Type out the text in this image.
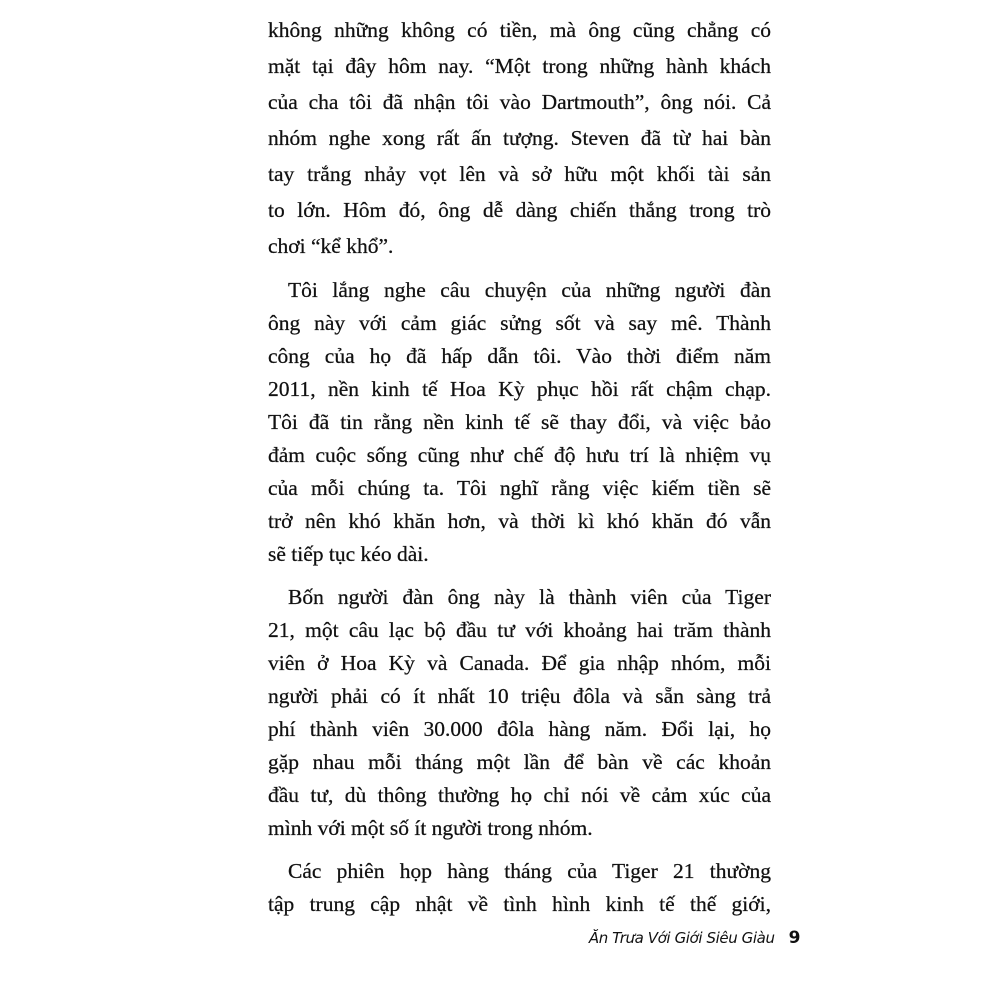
không những không có tiền, mà ông cũng chẳng có
mặt tại đây hôm nay. “Một trong những hành khách
của cha tôi đã nhận tôi vào Dartmouth”, ông nói. Cả
nhóm nghe xong rất ấn tượng. Steven đã từ hai bàn
tay trắng nhảy vọt lên và sở hữu một khối tài sản
to lớn. Hôm đó, ông dễ dàng chiến thắng trong trò
chơi “kể khổ”.
Tôi lắng nghe câu chuyện của những người đàn
ông này với cảm giác sửng sốt và say mê. Thành
công của họ đã hấp dẫn tôi. Vào thời điểm năm
2011, nền kinh tế Hoa Kỳ phục hồi rất chậm chạp.
Tôi đã tin rằng nền kinh tế sẽ thay đổi, và việc bảo
đảm cuộc sống cũng như chế độ hưu trí là nhiệm vụ
của mỗi chúng ta. Tôi nghĩ rằng việc kiếm tiền sẽ
trở nên khó khăn hơn, và thời kì khó khăn đó vẫn
sẽ tiếp tục kéo dài.
Bốn người đàn ông này là thành viên của Tiger
21, một câu lạc bộ đầu tư với khoảng hai trăm thành
viên ở Hoa Kỳ và Canada. Để gia nhập nhóm, mỗi
người phải có ít nhất 10 triệu đôla và sẵn sàng trả
phí thành viên 30.000 đôla hàng năm. Đổi lại, họ
gặp nhau mỗi tháng một lần để bàn về các khoản
đầu tư, dù thông thường họ chỉ nói về cảm xúc của
mình với một số ít người trong nhóm.
Các phiên họp hàng tháng của Tiger 21 thường
tập trung cập nhật về tình hình kinh tế thế giới,
Ăn Trưa Với Giới Siêu Giàu 9
